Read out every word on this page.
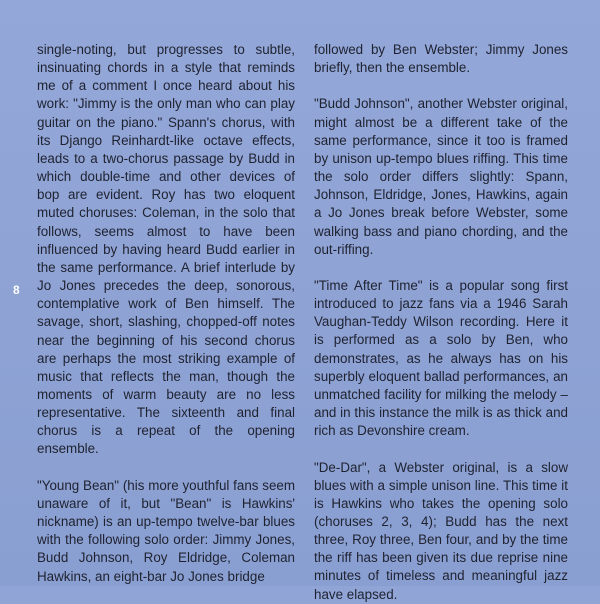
8

single-noting, but progresses to subtle, insinuating chords in a style that reminds me of a comment I once heard about his work: "Jimmy is the only man who can play guitar on the piano." Spann's chorus, with its Django Reinhardt-like octave effects, leads to a two-chorus passage by Budd in which double-time and other devices of bop are evident. Roy has two eloquent muted choruses: Coleman, in the solo that follows, seems almost to have been influenced by having heard Budd earlier in the same performance. A brief interlude by Jo Jones precedes the deep, sonorous, contemplative work of Ben himself. The savage, short, slashing, chopped-off notes near the beginning of his second chorus are perhaps the most striking example of music that reflects the man, though the moments of warm beauty are no less representative. The sixteenth and final chorus is a repeat of the opening ensemble.

"Young Bean" (his more youthful fans seem unaware of it, but "Bean" is Hawkins' nickname) is an up-tempo twelve-bar blues with the following solo order: Jimmy Jones, Budd Johnson, Roy Eldridge, Coleman Hawkins, an eight-bar Jo Jones bridge

followed by Ben Webster; Jimmy Jones briefly, then the ensemble.

"Budd Johnson", another Webster original, might almost be a different take of the same performance, since it too is framed by unison up-tempo blues riffing. This time the solo order differs slightly: Spann, Johnson, Eldridge, Jones, Hawkins, again a Jo Jones break before Webster, some walking bass and piano chording, and the out-riffing.

"Time After Time" is a popular song first introduced to jazz fans via a 1946 Sarah Vaughan-Teddy Wilson recording. Here it is performed as a solo by Ben, who demonstrates, as he always has on his superbly eloquent ballad performances, an unmatched facility for milking the melody – and in this instance the milk is as thick and rich as Devonshire cream.

"De-Dar", a Webster original, is a slow blues with a simple unison line. This time it is Hawkins who takes the opening solo (choruses 2, 3, 4); Budd has the next three, Roy three, Ben four, and by the time the riff has been given its due reprise nine minutes of timeless and meaningful jazz have elapsed.
